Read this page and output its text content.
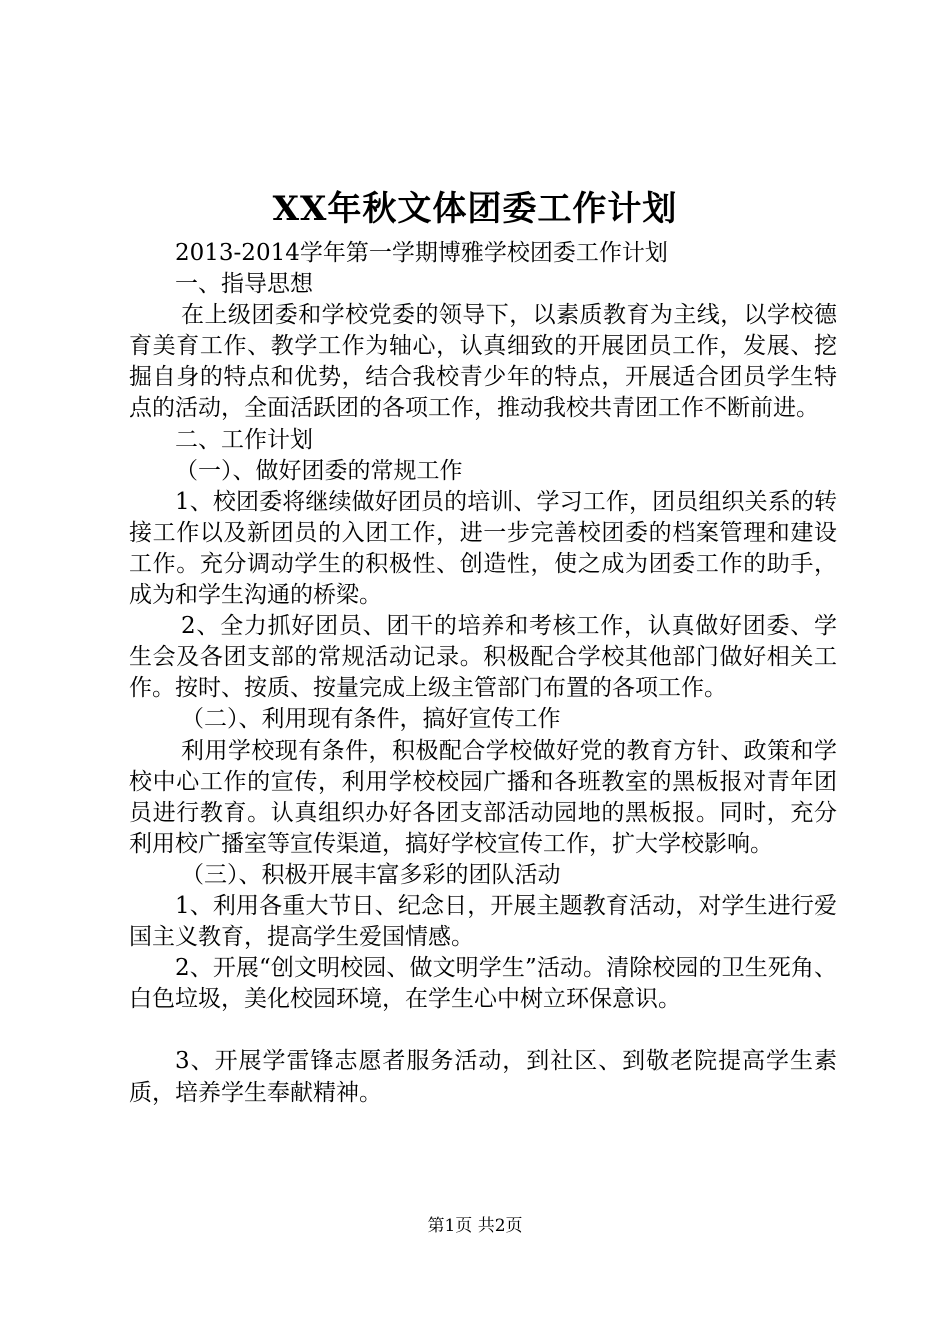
XX年秋文体团委工作计划

2013-2014学年第一学期博雅学校团委工作计划

一、指导思想

在上级团委和学校党委的领导下，以素质教育为主线，以学校德育美育工作、教学工作为轴心，认真细致的开展团员工作，发展、挖掘自身的特点和优势，结合我校青少年的特点，开展适合团员学生特点的活动，全面活跃团的各项工作，推动我校共青团工作不断前进。

二、工作计划

（一）、做好团委的常规工作

1、校团委将继续做好团员的培训、学习工作，团员组织关系的转接工作以及新团员的入团工作，进一步完善校团委的档案管理和建设工作。充分调动学生的积极性、创造性，使之成为团委工作的助手，成为和学生沟通的桥梁。

2、全力抓好团员、团干的培养和考核工作，认真做好团委、学生会及各团支部的常规活动记录。积极配合学校其他部门做好相关工作。按时、按质、按量完成上级主管部门布置的各项工作。

（二）、利用现有条件，搞好宣传工作

利用学校现有条件，积极配合学校做好党的教育方针、政策和学校中心工作的宣传，利用学校校园广播和各班教室的黑板报对青年团员进行教育。认真组织办好各团支部活动园地的黑板报。同时，充分利用校广播室等宣传渠道，搞好学校宣传工作，扩大学校影响。

（三）、积极开展丰富多彩的团队活动

1、利用各重大节日、纪念日，开展主题教育活动，对学生进行爱国主义教育，提高学生爱国情感。

2、开展“创文明校园、做文明学生”活动。清除校园的卫生死角、白色垃圾，美化校园环境，在学生心中树立环保意识。

3、开展学雷锋志愿者服务活动，到社区、到敬老院提高学生素质，培养学生奉献精神。

第1页 共2页
